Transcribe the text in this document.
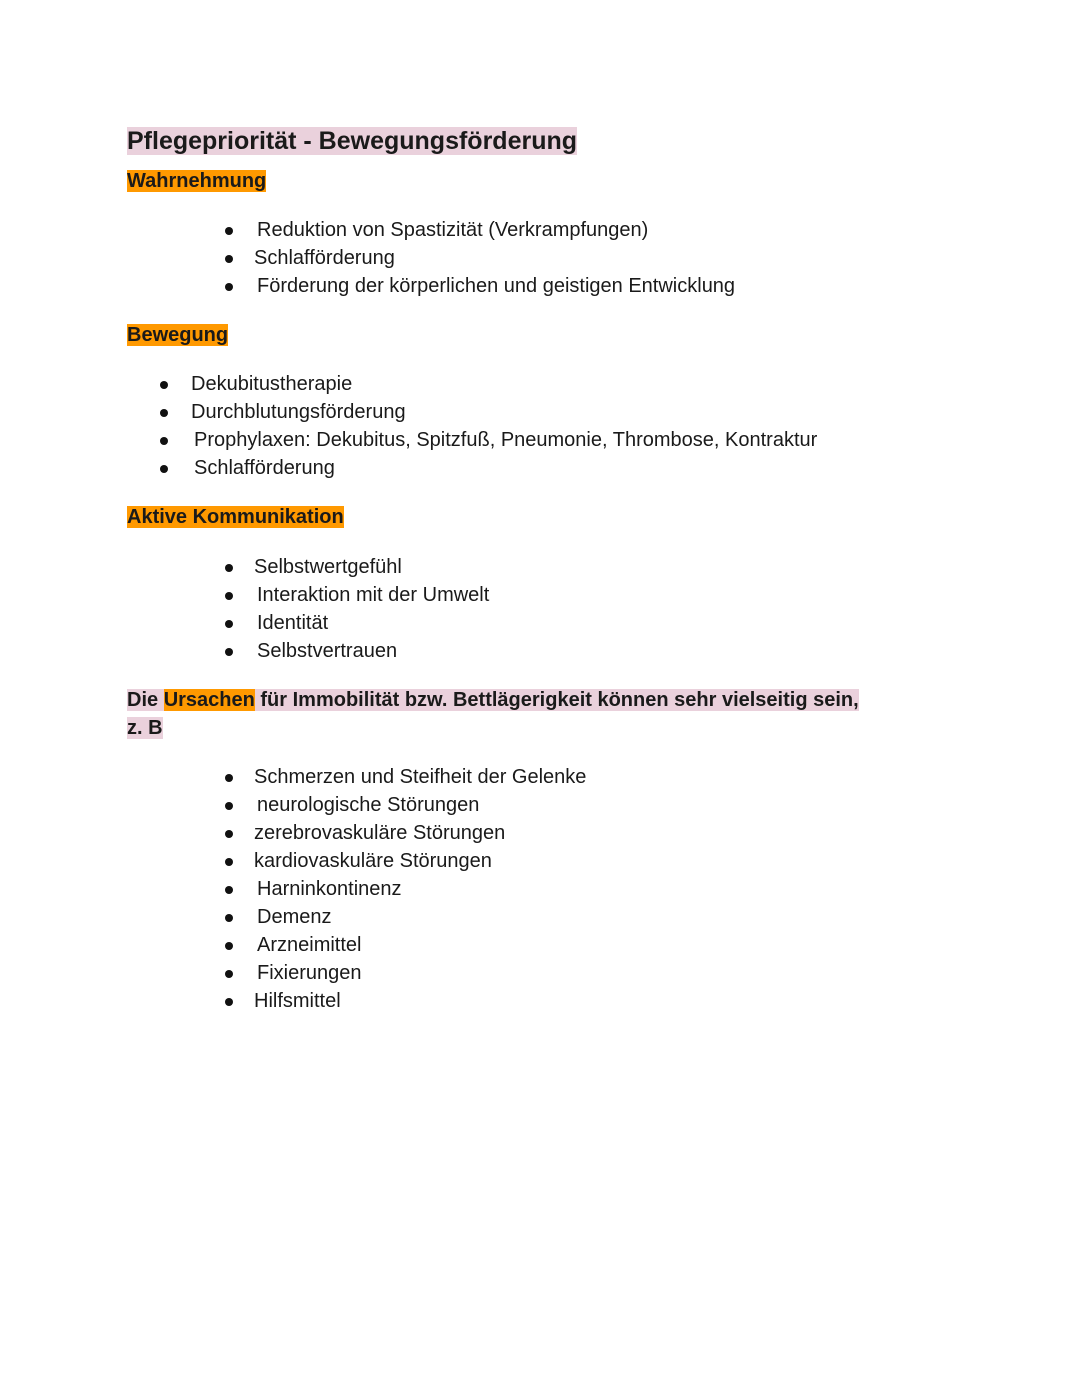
Pflegepriorität - Bewegungsförderung
Wahrnehmung
Reduktion von Spastizität (Verkrampfungen)
Schlafförderung
Förderung der körperlichen und geistigen Entwicklung
Bewegung
Dekubitustherapie
Durchblutungsförderung
Prophylaxen: Dekubitus, Spitzfuß, Pneumonie, Thrombose, Kontraktur
Schlafförderung
Aktive Kommunikation
Selbstwertgefühl
Interaktion mit der Umwelt
Identität
Selbstvertrauen

Die Ursachen für Immobilität bzw. Bettlägerigkeit können sehr vielseitig sein,
z. B

Schmerzen und Steifheit der Gelenke
neurologische Störungen
zerebrovaskuläre Störungen
kardiovaskuläre Störungen
Harninkontinenz
Demenz
Arzneimittel
Fixierungen
Hilfsmittel
